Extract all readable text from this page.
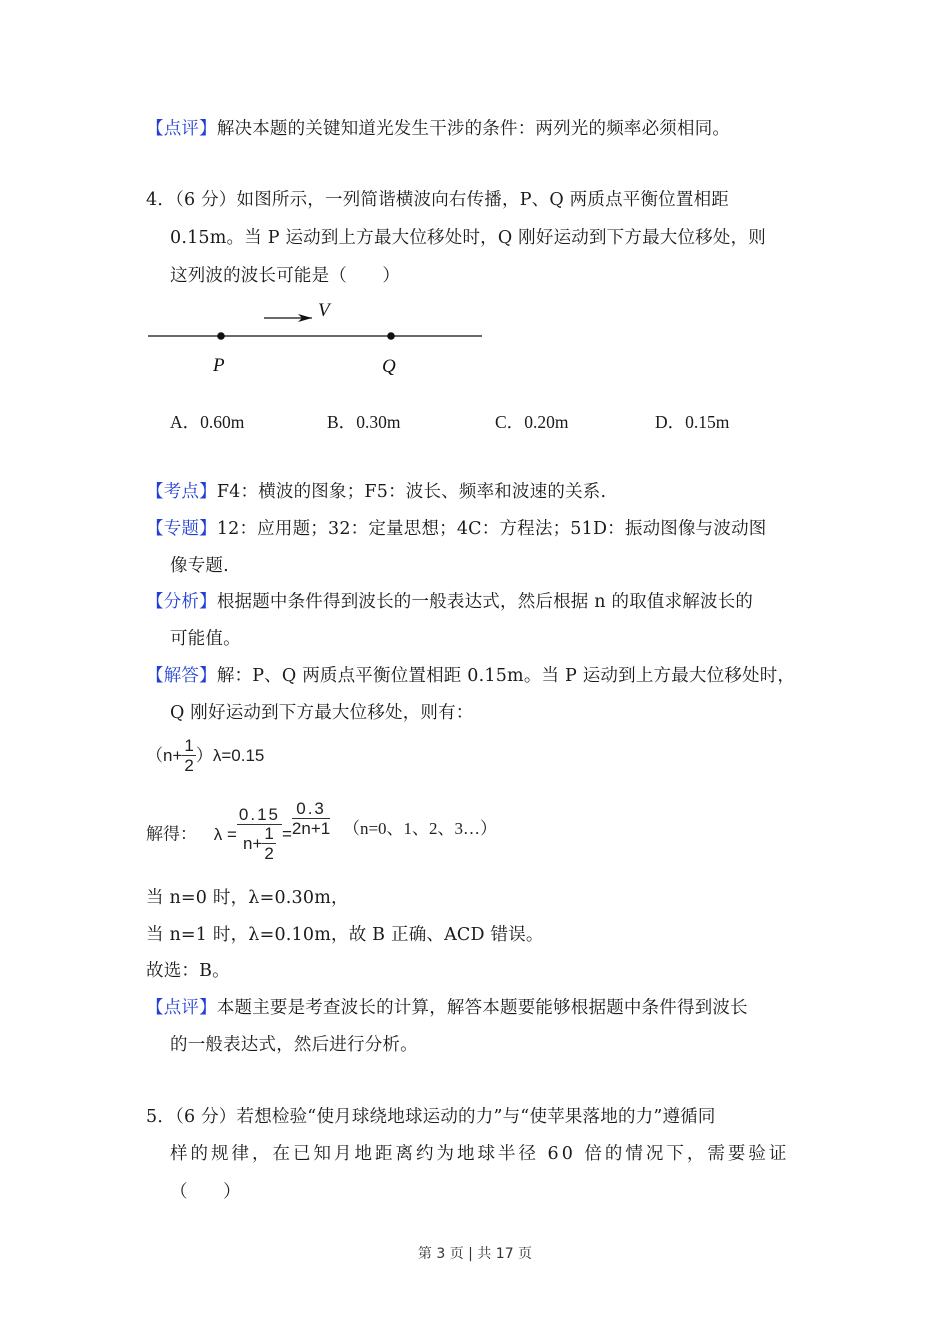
【点评】解决本题的关键知道光发生干涉的条件：两列光的频率必须相同。
4．（6 分）如图所示，一列简谐横波向右传播，P、Q 两质点平衡位置相距
0.15m。当 P 运动到上方最大位移处时，Q 刚好运动到下方最大位移处，则
这列波的波长可能是（　　）
V
P	Q
A．0.60m	B．0.30m	C．0.20m	D．0.15m
【考点】F4：横波的图象；F5：波长、频率和波速的关系.
【专题】12：应用题；32：定量思想；4C：方程法；51D：振动图像与波动图
像专题.
【分析】根据题中条件得到波长的一般表达式，然后根据 n 的取值求解波长的
可能值。
【解答】解：P、Q 两质点平衡位置相距 0.15m。当 P 运动到上方最大位移处时，
Q 刚好运动到下方最大位移处，则有：
$(n+ \frac{1}{2} )\lambda=0.15$
解得： $\lambda = \frac{0.15}{n+ \frac{1}{2}} = \frac{0.3}{2n+1} (n=0$、1、2、3…）
当 n=0 时，λ=0.30m，
当 n=1 时，λ=0.10m，故 B 正确、ACD 错误。
故选：B。
【点评】本题主要是考查波长的计算，解答本题要能够根据题中条件得到波长
的一般表达式，然后进行分析。
5．（6 分）若想检验“使月球绕地球运动的力”与“使苹果落地的力”遵循同
样的规律，在已知月地距离约为地球半径 60 倍的情况下，需要验证
（　　）
第 3 页 | 共 17 页
